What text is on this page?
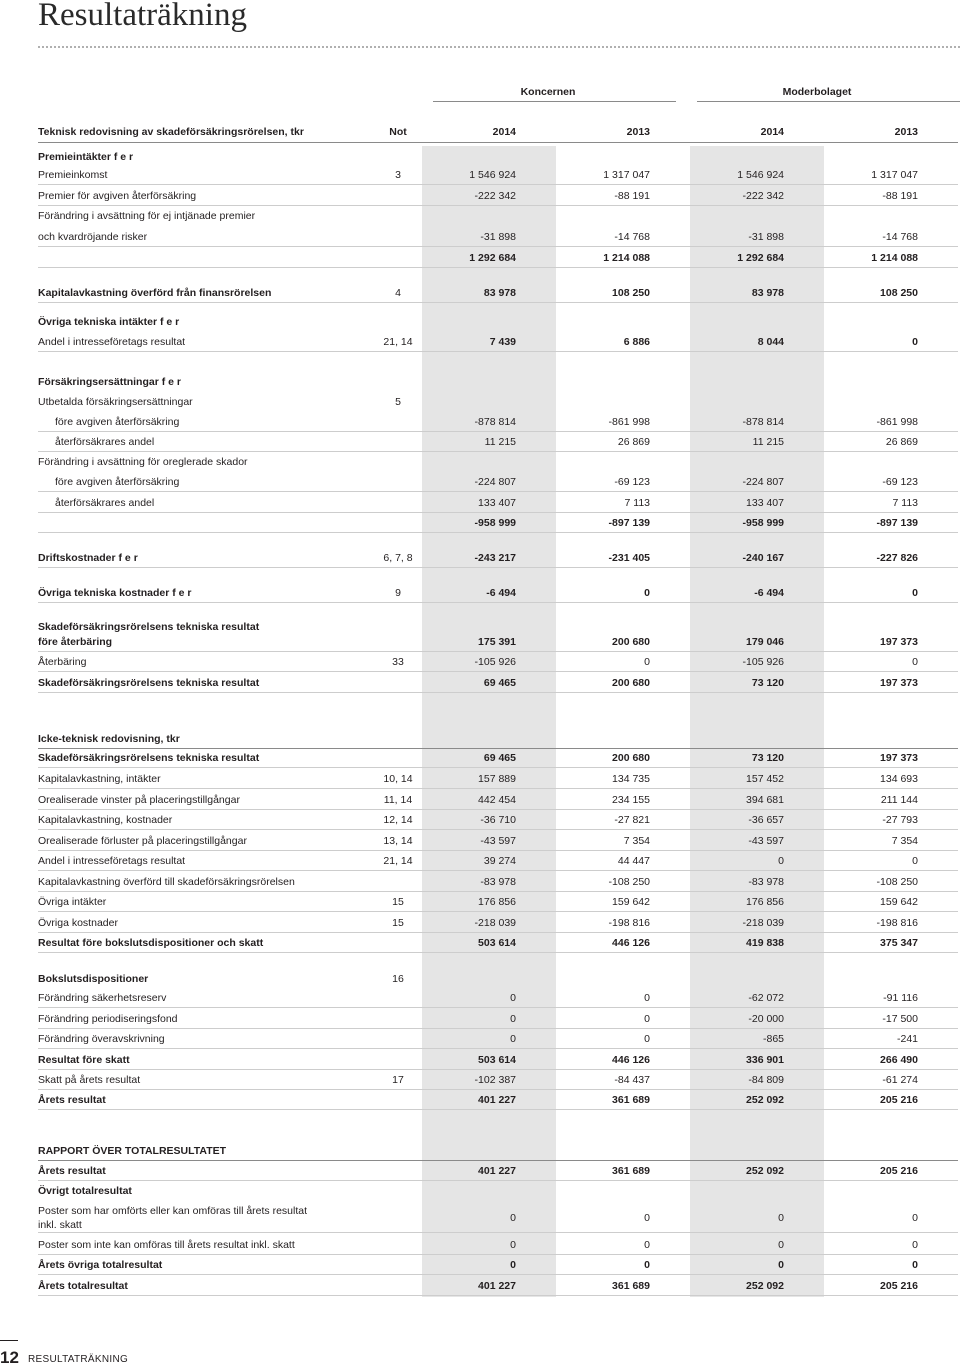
Resultaträkning
Koncernen	Moderbolaget
Teknisk redovisning av skadeförsäkringsrörelsen, tkr	Not	2014	2013	2014	2013
Premieintäkter f e r
Premieinkomst	3	1 546 924	1 317 047	1 546 924	1 317 047
Premier för avgiven återförsäkring	-222 342	-88 191	-222 342	-88 191
Förändring i avsättning för ej intjänade premier
och kvardröjande risker	-31 898	-14 768	-31 898	-14 768
1 292 684	1 214 088	1 292 684	1 214 088
Kapitalavkastning överförd från finansrörelsen	4	83 978	108 250	83 978	108 250
Övriga tekniska intäkter f e r
Andel i intresseföretags resultat	21, 14	7 439	6 886	8 044	0
Försäkringsersättningar f e r
Utbetalda försäkringsersättningar	5
före avgiven återförsäkring	-878 814	-861 998	-878 814	-861 998
återförsäkrares andel	11 215	26 869	11 215	26 869
Förändring i avsättning för oreglerade skador
före avgiven återförsäkring	-224 807	-69 123	-224 807	-69 123
återförsäkrares andel	133 407	7 113	133 407	7 113
-958 999	-897 139	-958 999	-897 139
Driftskostnader f e r	6, 7, 8	-243 217	-231 405	-240 167	-227 826
Övriga tekniska kostnader f e r	9	-6 494	0	-6 494	0
Skadeförsäkringsrörelsens tekniska resultat
före återbäring	175 391	200 680	179 046	197 373
Återbäring	33	-105 926	0	-105 926	0
Skadeförsäkringsrörelsens tekniska resultat	69 465	200 680	73 120	197 373
Icke-teknisk redovisning, tkr
Skadeförsäkringsrörelsens tekniska resultat	69 465	200 680	73 120	197 373
Kapitalavkastning, intäkter	10, 14	157 889	134 735	157 452	134 693
Orealiserade vinster på placeringstillgångar	11, 14	442 454	234 155	394 681	211 144
Kapitalavkastning, kostnader	12, 14	-36 710	-27 821	-36 657	-27 793
Orealiserade förluster på placeringstillgångar	13, 14	-43 597	7 354	-43 597	7 354
Andel i intresseföretags resultat	21, 14	39 274	44 447	0	0
Kapitalavkastning överförd till skadeförsäkringsrörelsen	-83 978	-108 250	-83 978	-108 250
Övriga intäkter	15	176 856	159 642	176 856	159 642
Övriga kostnader	15	-218 039	-198 816	-218 039	-198 816
Resultat före bokslutsdispositioner och skatt	503 614	446 126	419 838	375 347
Bokslutsdispositioner	16
Förändring säkerhetsreserv	0	0	-62 072	-91 116
Förändring periodiseringsfond	0	0	-20 000	-17 500
Förändring överavskrivning	0	0	-865	-241
Resultat före skatt	503 614	446 126	336 901	266 490
Skatt på årets resultat	17	-102 387	-84 437	-84 809	-61 274
Årets resultat	401 227	361 689	252 092	205 216
RAPPORT ÖVER TOTALRESULTATET
Årets resultat	401 227	361 689	252 092	205 216
Övrigt totalresultat
Poster som har omförts eller kan omföras till årets resultat
inkl. skatt
0	0	0	0
Poster som inte kan omföras till årets resultat inkl. skatt	0	0	0	0
Årets övriga totalresultat	0	0	0	0
Årets totalresultat	401 227	361 689	252 092	205 216
12 RESULTATRÄKNING
